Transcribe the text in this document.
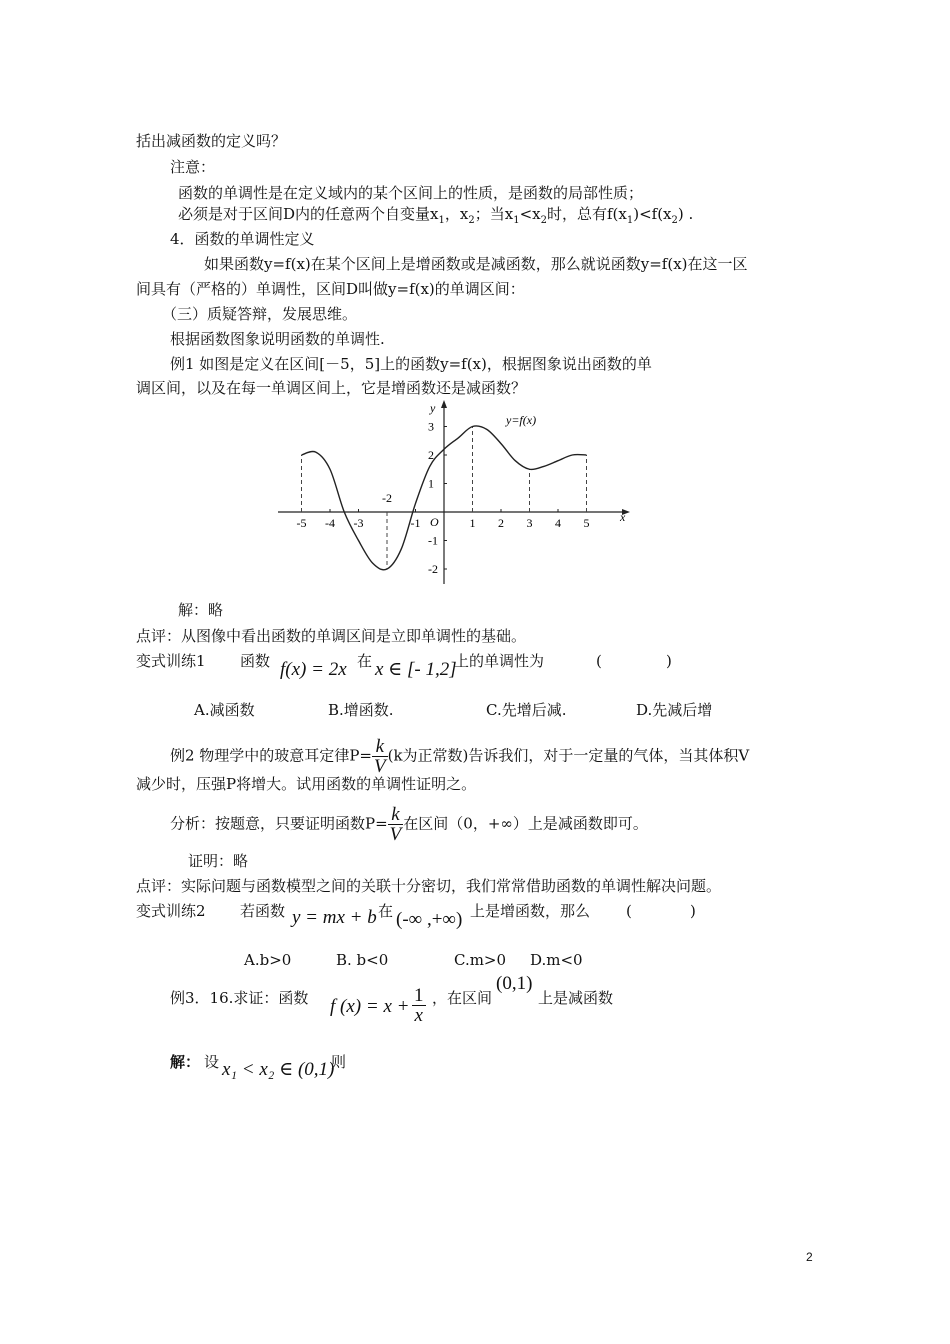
括出减函数的定义吗？
注意：
函数的单调性是在定义域内的某个区间上的性质，是函数的局部性质；
必须是对于区间D内的任意两个自变量$x_1$，$x_2$；当$x_1<x_2$时，总有$f(x_1)<f(x_2)$ .
4．函数的单调性定义
如果函数y=f(x)在某个区间上是增函数或是减函数，那么就说函数y=f(x)在这一区
间具有（严格的）单调性，区间D叫做y=f(x)的单调区间：
（三）质疑答辩，发展思维。
根据函数图象说明函数的单调性.
例1 如图是定义在区间[－5，5]上的函数y=f(x)，根据图象说出函数的单
调区间，以及在每一单调区间上，它是增函数还是减函数？
x
y
O
-5 -4 -3	-1	1 2 3 4 5
3
2
1
-1
-2
-2
y=f(x)
解：略
点评：从图像中看出函数的单调区间是立即单调性的基础。
变式训练1 函数 f(x) = 2x 在 x ∈ [- 1,2]
上的单调性为	(	)
A.减函数	B.增函数.	C.先增后减.	D.先减后增
例2 物理学中的玻意耳定律$P= \frac{k}{V} (k$为正常数)告诉我们，对于一定量的气体，当其体积V
减少时，压强P将增大。试用函数的单调性证明之。
分析：按题意，只要证明函数$P= \frac{k}{V}$ 在区间（0，+∞）上是减函数即可。
证明：略
点评：实际问题与函数模型之间的关联十分密切，我们常常借助函数的单调性解决问题。
变式训练2 若函数 y = mx + b 在 (-∞ ,+∞) 上是增函数，那么 (	)
A.b>0	B. b<0	C.m>0 D.m<0
例3．16.求证：函数 f $(x) = x + \frac{1}{x}$ ，在区间
(0,1)
上是减函数
解： 设 x₁ < x₂ ∈ (0,1)
则
2
